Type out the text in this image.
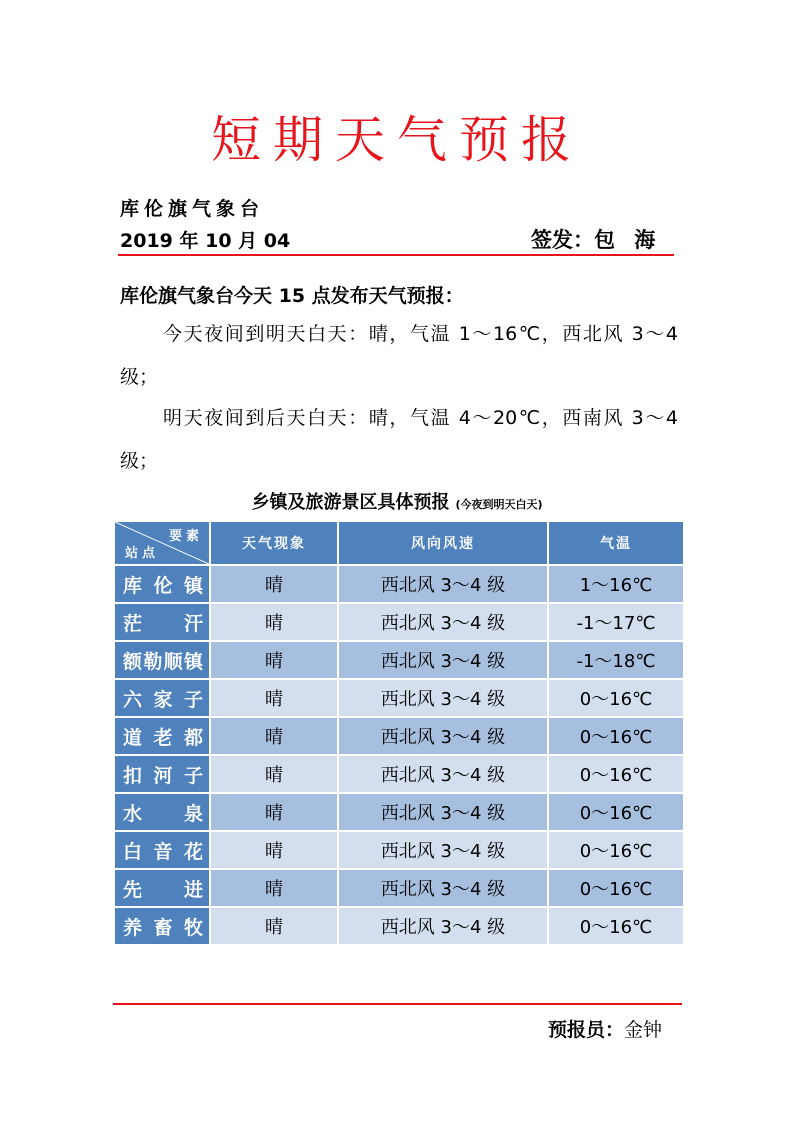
短期天气预报
库伦旗气象台
2019 年 10 月 04	签发：包 海
库伦旗气象台今天 15 点发布天气预报：
今天夜间到明天白天：晴，气温 1～16℃，西北风 3～4 级；
明天夜间到后天白天：晴，气温 4～20℃，西南风 3～4 级；
乡镇及旅游景区具体预报 (今夜到明天白天)
要素
站点	天气现象	风向风速	气温
库伦镇	晴	西北风 3～4 级	1～16℃
茫　汗	晴	西北风 3～4 级	-1～17℃
额勒顺镇	晴	西北风 3～4 级	-1～18℃
六家子	晴	西北风 3～4 级	0～16℃
道老都	晴	西北风 3～4 级	0～16℃
扣河子	晴	西北风 3～4 级	0～16℃
水　泉	晴	西北风 3～4 级	0～16℃
白音花	晴	西北风 3～4 级	0～16℃
先　进	晴	西北风 3～4 级	0～16℃
养畜牧	晴	西北风 3～4 级	0～16℃
预报员：金钟
